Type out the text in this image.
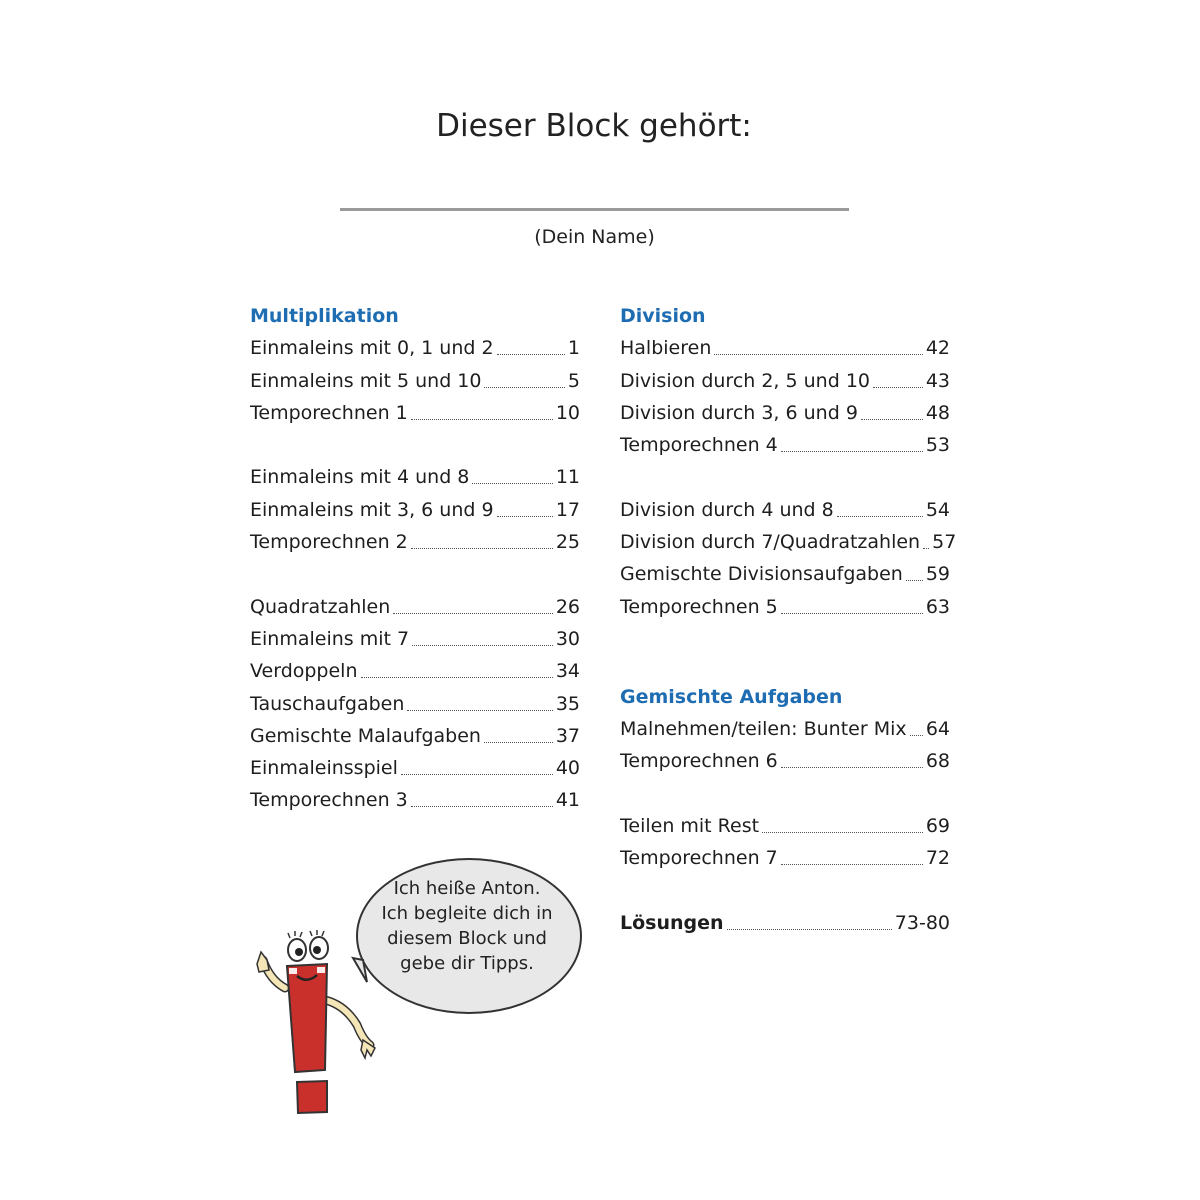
Dieser Block gehört:
(Dein Name)
Multiplikation
Einmaleins mit 0, 1 und 2	1
Einmaleins mit 5 und 10	5
Temporechnen 1	10
Einmaleins mit 4 und 8	11
Einmaleins mit 3, 6 und 9	17
Temporechnen 2	25
Quadratzahlen	26
Einmaleins mit 7	30
Verdoppeln	34
Tauschaufgaben	35
Gemischte Malaufgaben	37
Einmaleinsspiel	40
Temporechnen 3	41
Division
Halbieren	42
Division durch 2, 5 und 10	43
Division durch 3, 6 und 9	48
Temporechnen 4	53
Division durch 4 und 8	54
Division durch 7/Quadratzahlen 57
Gemischte Divisionsaufgaben 59
Temporechnen 5	63
Gemischte Aufgaben
Malnehmen/teilen: Bunter Mix 64
Temporechnen 6	68
Teilen mit Rest	69
Temporechnen 7	72
Lösungen	73-80
Ich heiße Anton.
Ich begleite dich in
diesem Block und
gebe dir Tipps.
